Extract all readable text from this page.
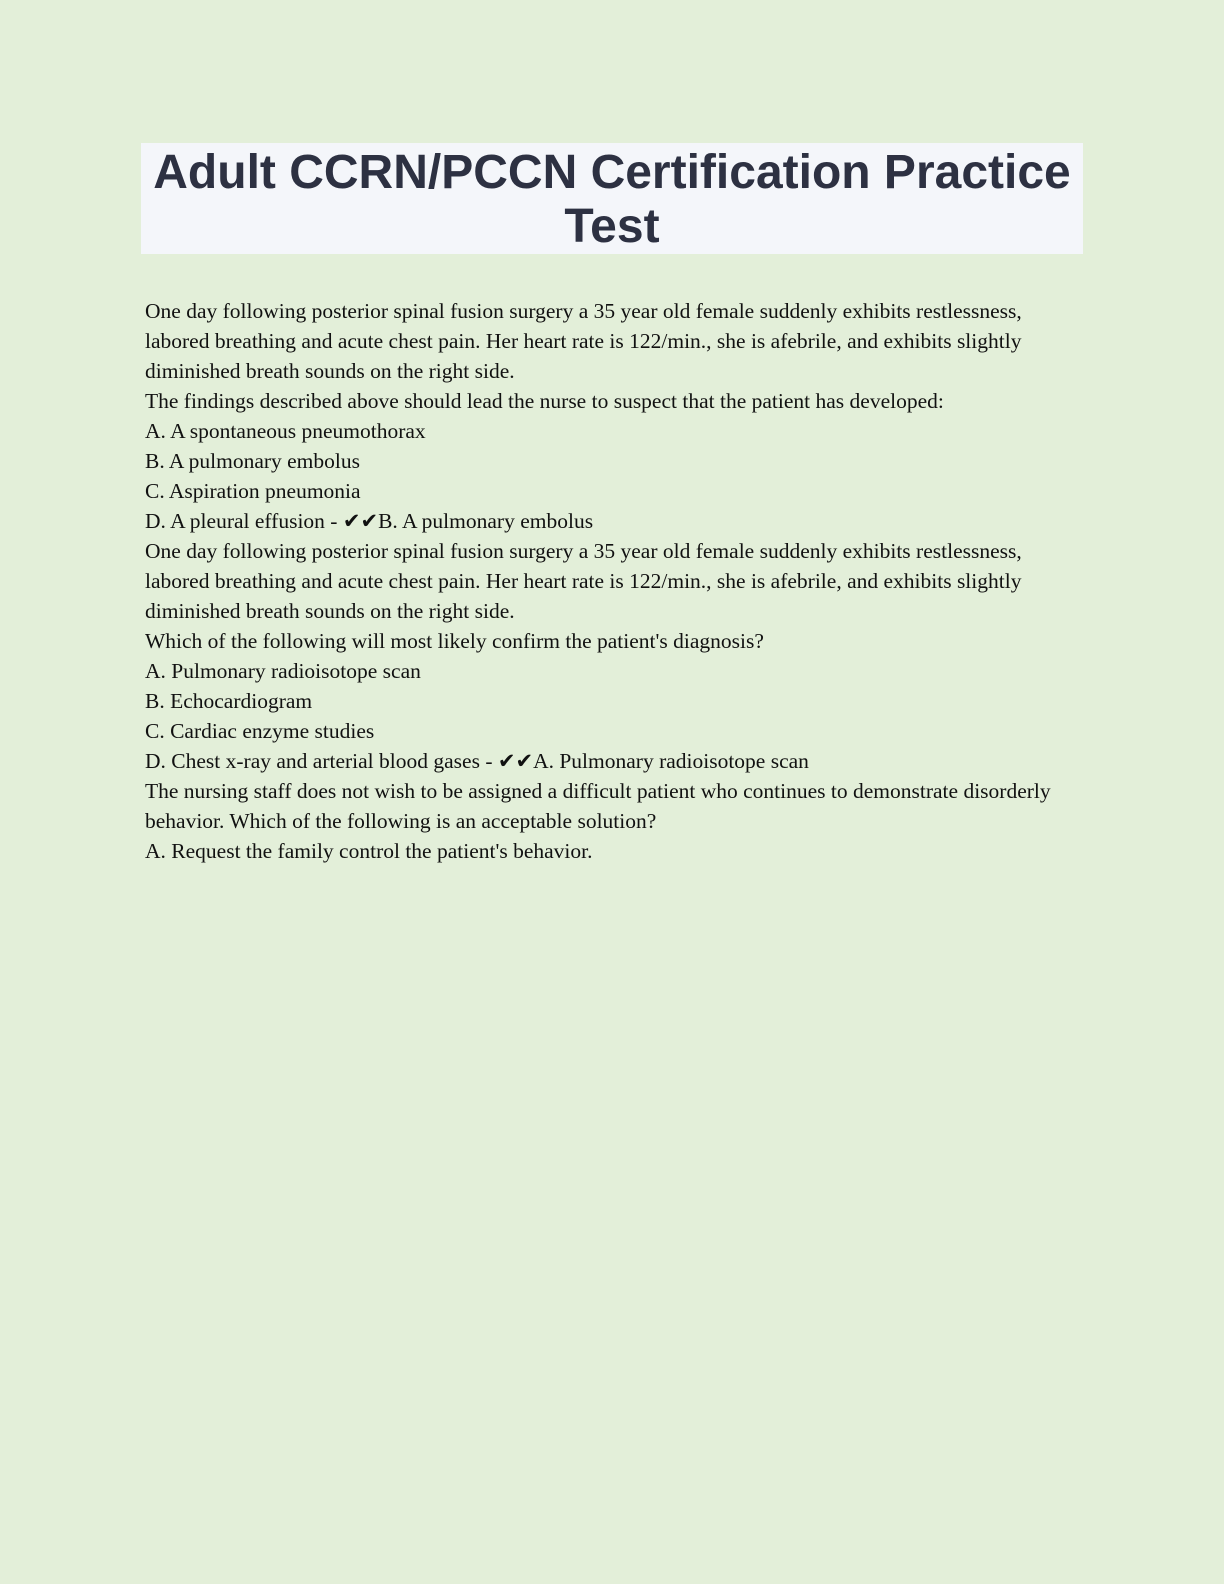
Adult CCRN/PCCN Certification Practice Test

One day following posterior spinal fusion surgery a 35 year old female suddenly exhibits restlessness, labored breathing and acute chest pain. Her heart rate is 122/min., she is afebrile, and exhibits slightly diminished breath sounds on the right side.

The findings described above should lead the nurse to suspect that the patient has developed:

A. A spontaneous pneumothorax

B. A pulmonary embolus

C. Aspiration pneumonia

D. A pleural effusion - ✔✔B. A pulmonary embolus

One day following posterior spinal fusion surgery a 35 year old female suddenly exhibits restlessness, labored breathing and acute chest pain. Her heart rate is 122/min., she is afebrile, and exhibits slightly diminished breath sounds on the right side.

Which of the following will most likely confirm the patient's diagnosis?

A. Pulmonary radioisotope scan

B. Echocardiogram

C. Cardiac enzyme studies

D. Chest x-ray and arterial blood gases - ✔✔A. Pulmonary radioisotope scan

The nursing staff does not wish to be assigned a difficult patient who continues to demonstrate disorderly behavior. Which of the following is an acceptable solution?

A. Request the family control the patient's behavior.
